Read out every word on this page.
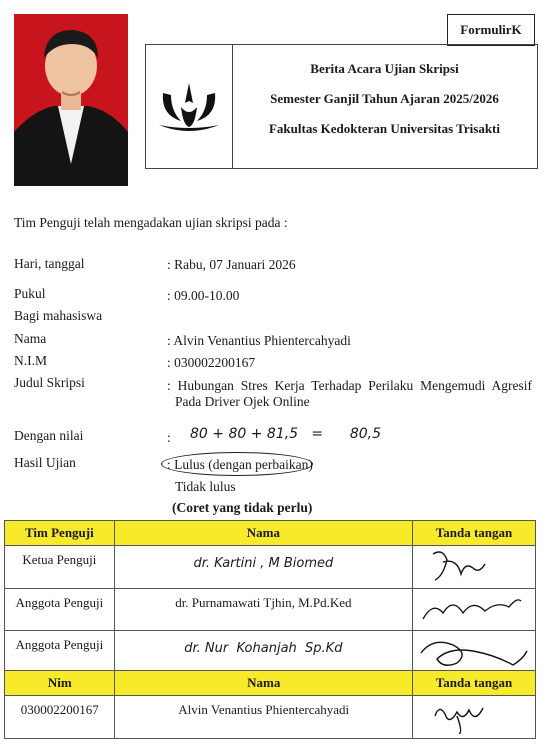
FormulirK
Berita Acara Ujian Skripsi
Semester Ganjil Tahun Ajaran 2025/2026
Fakultas Kedokteran Universitas Trisakti
Tim Penguji telah mengadakan ujian skripsi pada :
Hari, tanggal	: Rabu, 07 Januari 2026
Pukul	: 09.00-10.00
Bagi mahasiswa
Nama	: Alvin Venantius Phientercahyadi
N.I.M	: 030002200167
Judul Skripsi	: Hubungan Stres Kerja Terhadap Perilaku Mengemudi Agresif
Pada Driver Ojek Online
Dengan nilai	: 80 + 80 + 81,5   =      80,5
Hasil Ujian	: Lulus (dengan perbaikan)
Tidak lulus
(Coret yang tidak perlu)
Tim Penguji	Nama	Tanda tangan

Ketua Penguji	dr. Kartini , M Biomed

Anggota Penguji	dr. Purnamawati Tjhin, M.Pd.Ked

Anggota Penguji	dr. Nur  Kohanjah  Sp.Kd

Nim	Nama	Tanda tangan

030002200167	Alvin Venantius Phientercahyadi
